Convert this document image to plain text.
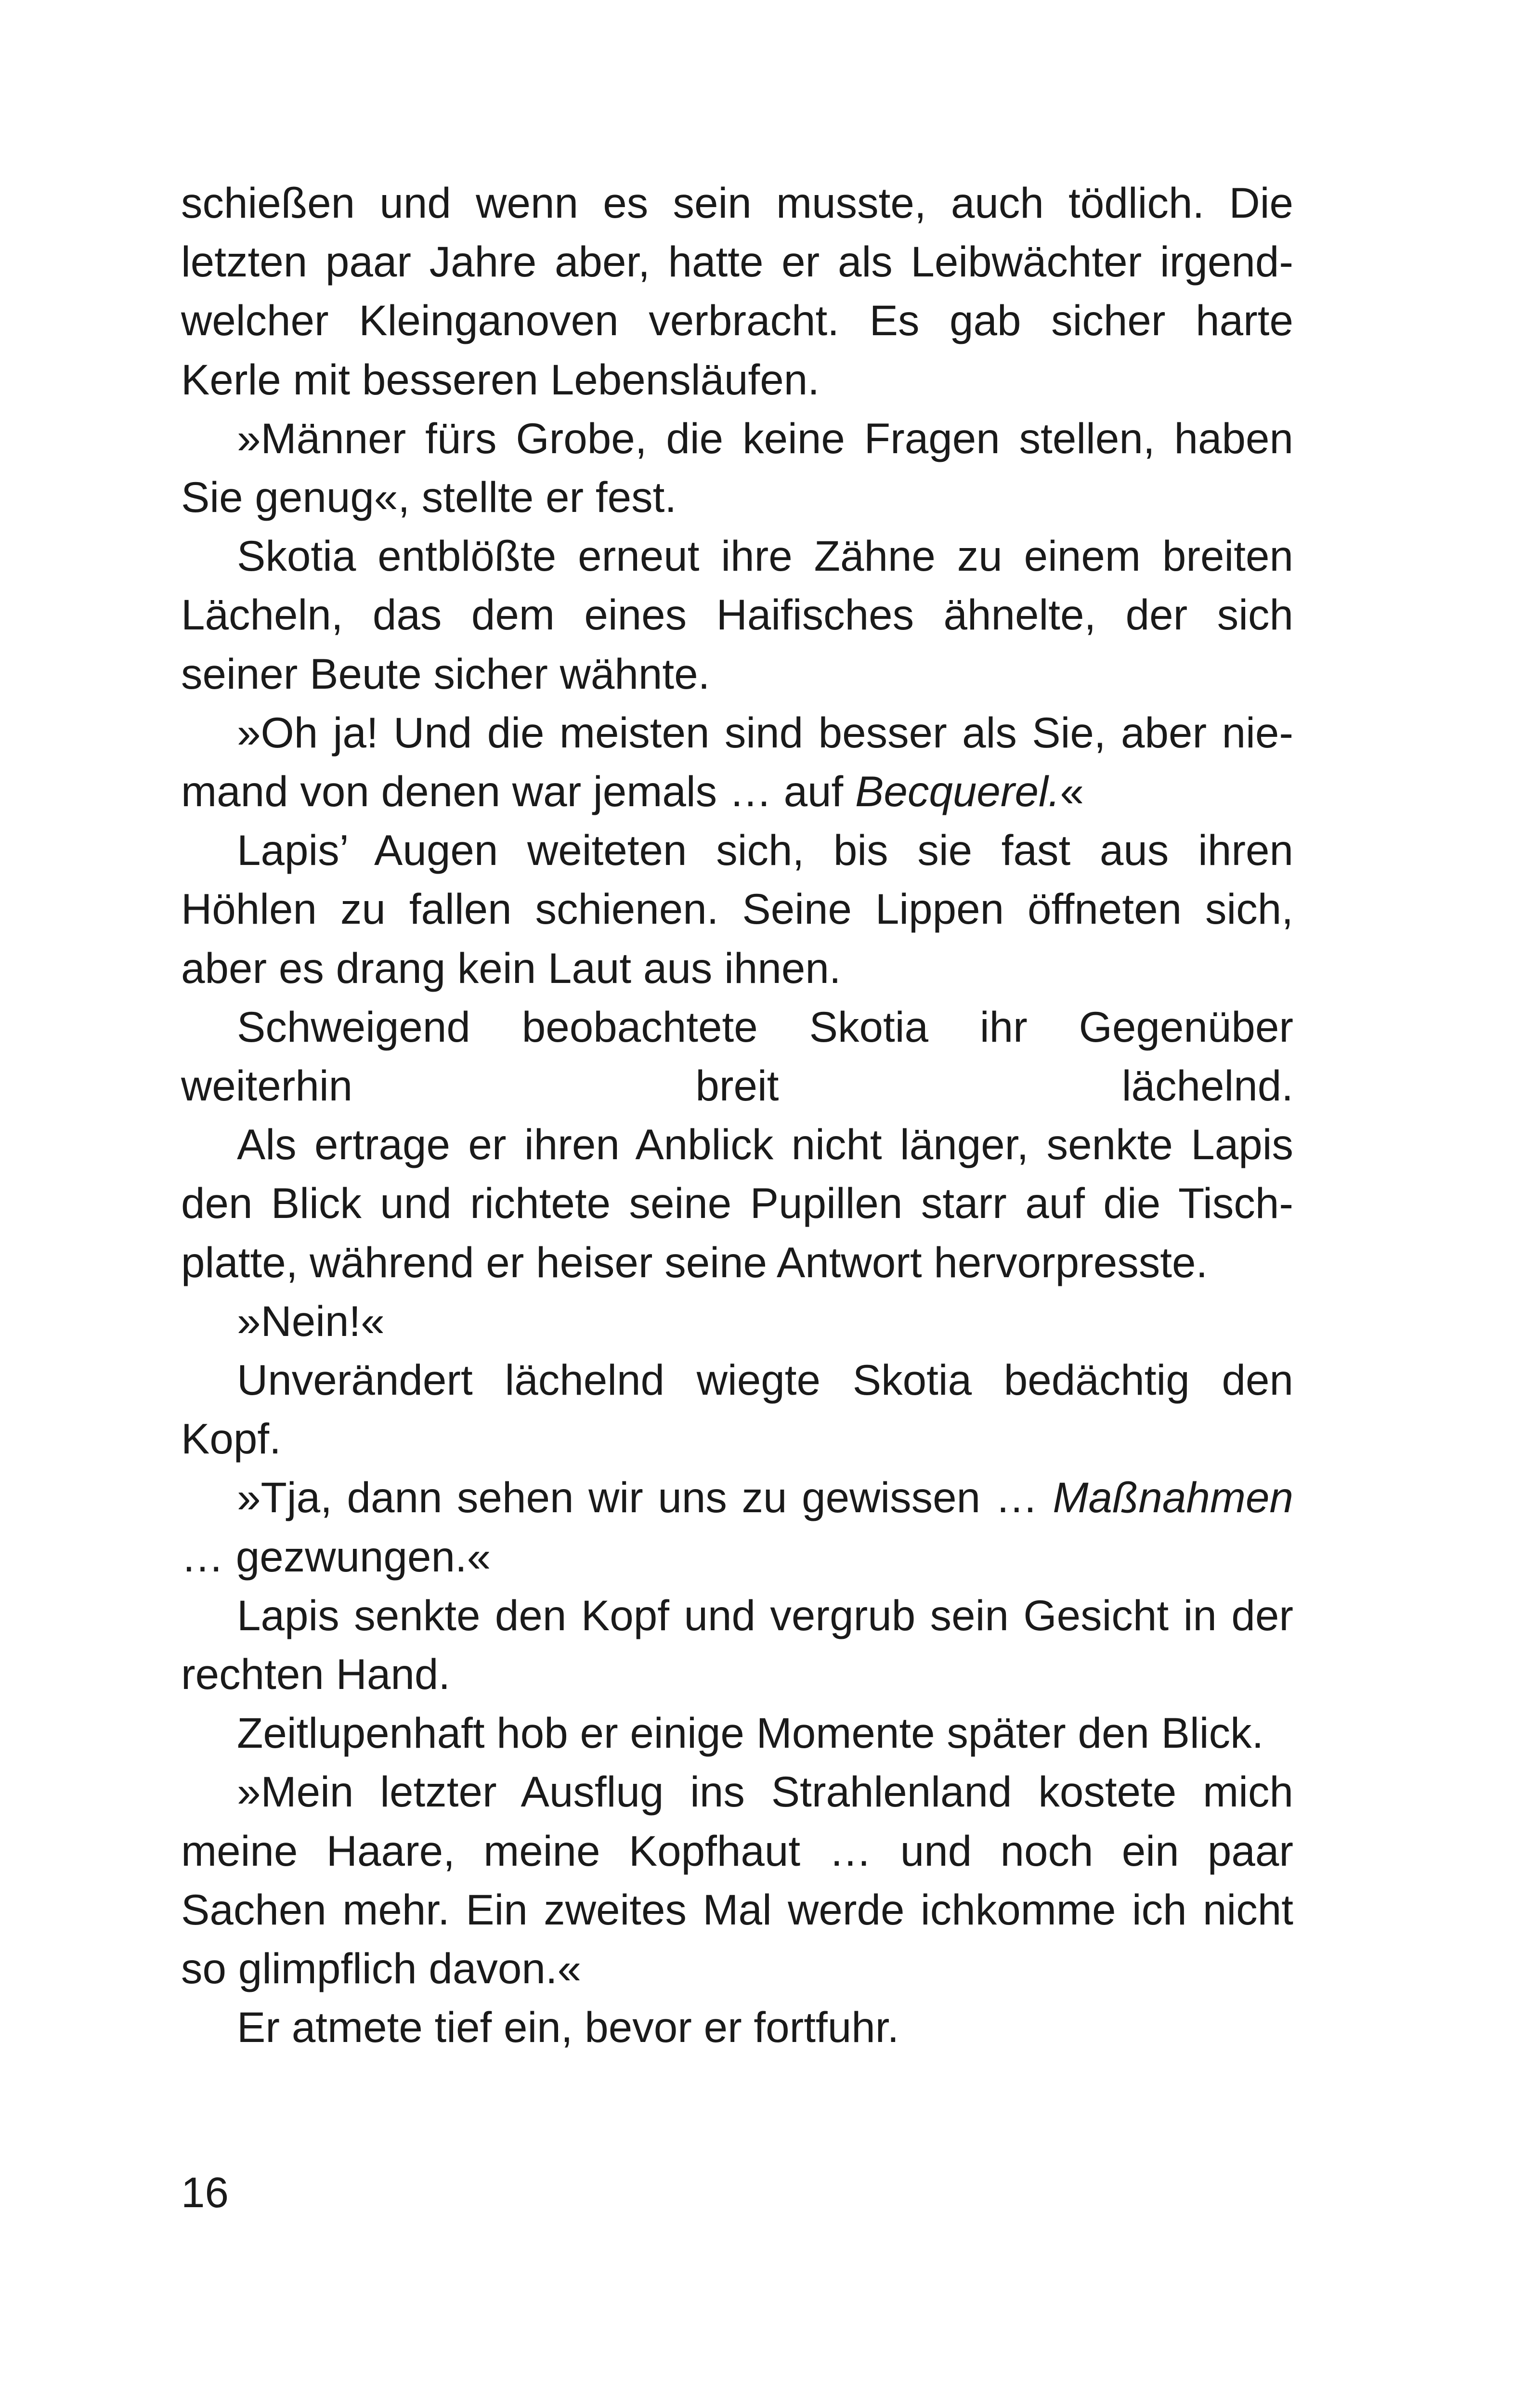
schießen und wenn es sein musste, auch tödlich. Die letzten paar Jahre aber, hatte er als Leibwächter irgendwelcher Kleinganoven verbracht. Es gab sicher harte Kerle mit besseren Lebensläufen.

»Männer fürs Grobe, die keine Fragen stellen, haben Sie genug«, stellte er fest.

Skotia entblößte erneut ihre Zähne zu einem breiten Lächeln, das dem eines Haifisches ähnelte, der sich seiner Beute sicher wähnte.

»Oh ja! Und die meisten sind besser als Sie, aber niemand von denen war jemals … auf Becquerel.«

Lapis’ Augen weiteten sich, bis sie fast aus ihren Höhlen zu fallen schienen. Seine Lippen öffneten sich, aber es drang kein Laut aus ihnen.

Schweigend beobachtete Skotia ihr Gegenüber weiterhin breit lächelnd.

Als ertrage er ihren Anblick nicht länger, senkte Lapis den Blick und richtete seine Pupillen starr auf die Tischplatte, während er heiser seine Antwort hervorpresste.

»Nein!«

Unverändert lächelnd wiegte Skotia bedächtig den Kopf.

»Tja, dann sehen wir uns zu gewissen … Maßnahmen … gezwungen.«

Lapis senkte den Kopf und vergrub sein Gesicht in der rechten Hand.

Zeitlupenhaft hob er einige Momente später den Blick.

»Mein letzter Ausflug ins Strahlenland kostete mich meine Haare, meine Kopfhaut … und noch ein paar Sachen mehr. Ein zweites Mal werde ichkomme ich nicht so glimpflich davon.«

Er atmete tief ein, bevor er fortfuhr.

16
